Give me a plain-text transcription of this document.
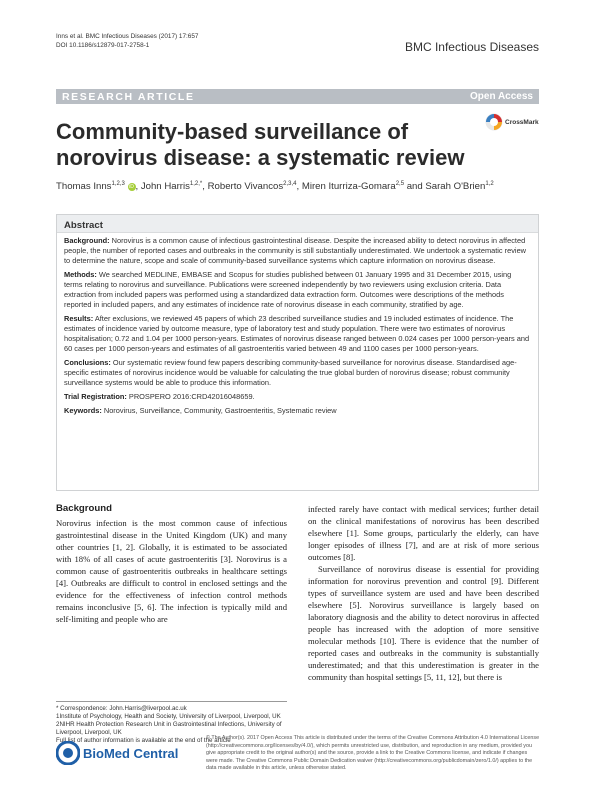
Inns et al. BMC Infectious Diseases (2017) 17:657
DOI 10.1186/s12879-017-2758-1	BMC Infectious Diseases
RESEARCH ARTICLE	Open Access
Community-based surveillance of norovirus disease: a systematic review
CrossMark
Thomas Inns$^{1,2,3}$ iD , John Harris$^{1,2,*}$, Roberto Vivancos$^{2,3,4}$, Miren Iturriza-Gomara$^{2,5}$ and Sarah O'Brien$^{1,2}$
Abstract

Background: Norovirus is a common cause of infectious gastrointestinal disease. Despite the increased ability to detect norovirus in affected people, the number of reported cases and outbreaks in the community is still substantially underestimated. We undertook a systematic review to determine the nature, scope and scale of community-based surveillance systems which capture information on norovirus disease.

Methods: We searched MEDLINE, EMBASE and Scopus for studies published between 01 January 1995 and 31 December 2015, using terms relating to norovirus and surveillance. Publications were screened independently by two reviewers using exclusion criteria. Data extraction from included papers was performed using a standardized data extraction form. Outcomes were descriptions of the methods reported in included papers, and any estimates of incidence rate of norovirus disease in each community, stratified by age.

Results: After exclusions, we reviewed 45 papers of which 23 described surveillance studies and 19 included estimates of incidence. The estimates of incidence varied by outcome measure, type of laboratory test and study population. There were two estimates of norovirus hospitalisation; 0.72 and 1.04 per 1000 person-years. Estimates of norovirus disease ranged between 0.024 cases per 1000 person-years and 60 cases per 1000 person-years and estimates of all gastroenteritis varied between 49 and 1100 cases per 1000 person-years.

Conclusions: Our systematic review found few papers describing community-based surveillance for norovirus disease. Standardised age-specific estimates of norovirus incidence would be valuable for calculating the true global burden of norovirus disease; robust community surveillance systems would be able to produce this information.

Trial Registration: PROSPERO 2016:CRD42016048659.

Keywords: Norovirus, Surveillance, Community, Gastroenteritis, Systematic review

Background

Norovirus infection is the most common cause of infectious gastrointestinal disease in the United Kingdom (UK) and many other countries [1, 2]. Globally, it is estimated to be associated with 18% of all cases of acute gastroenteritis [3]. Norovirus is a common cause of gastroenteritis outbreaks in healthcare settings [4]. Outbreaks are difficult to control in enclosed settings and the evidence for the effectiveness of infection control methods remains inconclusive [5, 6]. The infection is typically mild and self-limiting and people who are

infected rarely have contact with medical services; further detail on the clinical manifestations of norovirus has been described elsewhere [1]. Some groups, particularly the elderly, can have longer episodes of illness [7], and are at risk of more serious outcomes [8].

Surveillance of norovirus disease is essential for providing information for norovirus prevention and control [9]. Different types of surveillance system are used and have been described elsewhere [5]. Norovirus surveillance is largely based on laboratory diagnosis and the ability to detect norovirus in affected people has increased with the adoption of more sensitive molecular methods [10]. There is evidence that the number of reported cases and outbreaks in the community is substantially underestimated; and that this underestimation is greater in the community than hospital settings [5, 11, 12], but there is

* Correspondence: John.Harris@liverpool.ac.uk
1Institute of Psychology, Health and Society, University of Liverpool, Liverpool, UK
2NIHR Health Protection Research Unit in Gastrointestinal Infections, University of Liverpool, Liverpool, UK
Full list of author information is available at the end of the article
BioMed Central
© The Author(s). 2017 Open Access This article is distributed under the terms of the Creative Commons Attribution 4.0 International License (http://creativecommons.org/licenses/by/4.0/), which permits unrestricted use, distribution, and reproduction in any medium, provided you give appropriate credit to the original author(s) and the source, provide a link to the Creative Commons license, and indicate if changes were made. The Creative Commons Public Domain Dedication waiver (http://creativecommons.org/publicdomain/zero/1.0/) applies to the data made available in this article, unless otherwise stated.
